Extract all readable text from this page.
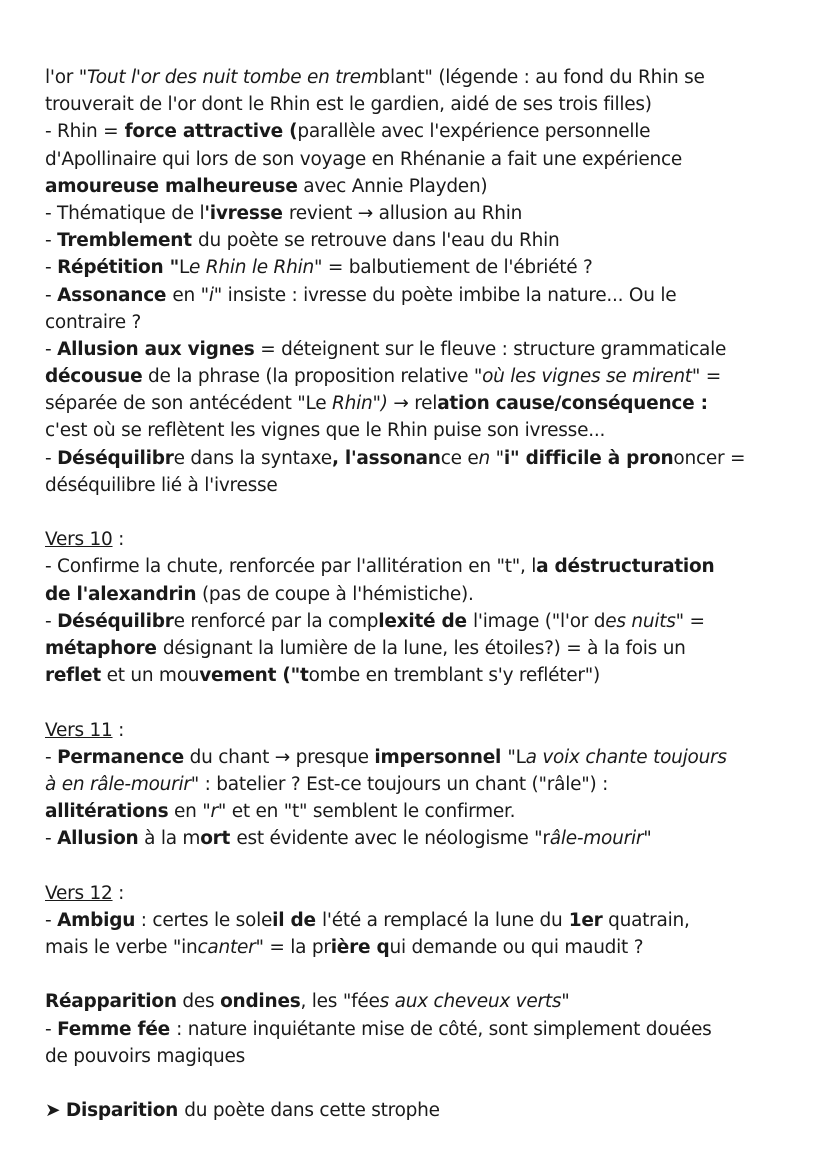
l'or "Tout l'or des nuit tombe en tremblant" (légende : au fond du Rhin se
trouverait de l'or dont le Rhin est le gardien, aidé de ses trois filles)
- Rhin = force attractive (parallèle avec l'expérience personnelle
d'Apollinaire qui lors de son voyage en Rhénanie a fait une expérience
amoureuse malheureuse avec Annie Playden)
- Thématique de l'ivresse revient → allusion au Rhin
- Tremblement du poète se retrouve dans l'eau du Rhin
- Répétition "Le Rhin le Rhin" = balbutiement de l'ébriété ?
- Assonance en "i" insiste : ivresse du poète imbibe la nature... Ou le
contraire ?
- Allusion aux vignes = déteignent sur le fleuve : structure grammaticale
décousue de la phrase (la proposition relative "où les vignes se mirent" =
séparée de son antécédent "Le Rhin") → relation cause/conséquence :
c'est où se reflètent les vignes que le Rhin puise son ivresse...
- Déséquilibre dans la syntaxe, l'assonance en "i" difficile à prononcer =
déséquilibre lié à l'ivresse
Vers 10 :
- Confirme la chute, renforcée par l'allitération en "t", la déstructuration
de l'alexandrin (pas de coupe à l'hémistiche).
- Déséquilibre renforcé par la complexité de l'image ("l'or des nuits" =
métaphore désignant la lumière de la lune, les étoiles?) = à la fois un
reflet et un mouvement ("tombe en tremblant s'y refléter")
Vers 11 :
- Permanence du chant → presque impersonnel "La voix chante toujours
à en râle-mourir" : batelier ? Est-ce toujours un chant ("râle") :
allitérations en "r" et en "t" semblent le confirmer.
- Allusion à la mort est évidente avec le néologisme "râle-mourir"
Vers 12 :
- Ambigu : certes le soleil de l'été a remplacé la lune du 1er quatrain,
mais le verbe "incanter" = la prière qui demande ou qui maudit ?
Réapparition des ondines, les "fées aux cheveux verts"
- Femme fée : nature inquiétante mise de côté, sont simplement douées
de pouvoirs magiques
➤ Disparition du poète dans cette strophe
